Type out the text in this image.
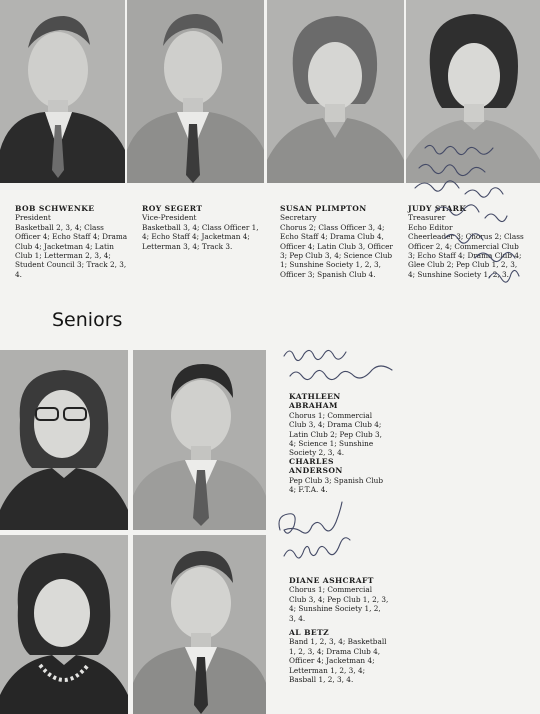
BOB SCHWENKE
President
Basketball 2, 3, 4; Class Officer 4; Echo Staff 4; Drama Club 4; Jacketman 4; Latin Club 1; Letterman 2, 3, 4; Student Council 3; Track 2, 3, 4.
ROY SEGERT
Vice-President
Basketball 3, 4; Class Officer 1, 4; Echo Staff 4; Jacketman 4; Letterman 3, 4; Track 3.
SUSAN PLIMPTON
Secretary
Chorus 2; Class Officer 3, 4; Echo Staff 4; Drama Club 4, Officer 4; Latin Club 3, Officer 3; Pep Club 3, 4; Science Club 1; Sunshine Society 1, 2, 3, Officer 3; Spanish Club 4.
JUDY STARK
Treasurer
Echo Editor
Cheerleader 3; Chorus 2; Class Officer 2, 4; Commercial Club 3; Echo Staff 4; Drama Club 4; Glee Club 2; Pep Club 1, 2, 3, 4; Sunshine Society 1, 2, 3.
Seniors
KATHLEEN ABRAHAM
Chorus 1; Commercial Club 3, 4; Drama Club 4; Latin Club 2; Pep Club 3, 4; Science 1; Sunshine Society 2, 3, 4.
CHARLES ANDERSON
Pep Club 3; Spanish Club 4; F.T.A. 4.
DIANE ASHCRAFT
Chorus 1; Commercial Club 3, 4; Pep Club 1, 2, 3, 4; Sunshine Society 1, 2, 3, 4.
AL BETZ
Band 1, 2, 3, 4; Basketball 1, 2, 3, 4; Drama Club 4, Officer 4; Jacketman 4; Letterman 1, 2, 3, 4; Basball 1, 2, 3, 4.
